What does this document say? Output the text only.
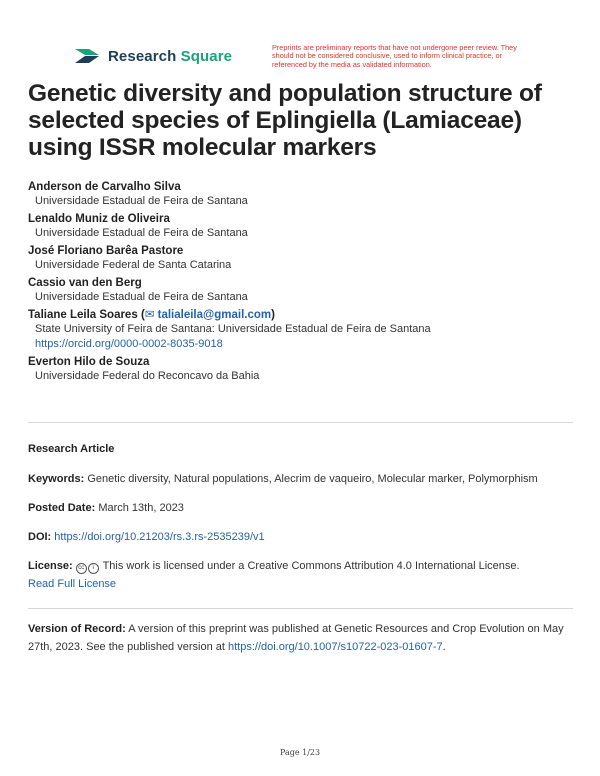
Research Square	Preprints are preliminary reports that have not undergone peer review. They should not be considered conclusive, used to inform clinical practice, or referenced by the media as validated information.
Genetic diversity and population structure of selected species of Eplingiella (Lamiaceae) using ISSR molecular markers
Anderson de Carvalho Silva
Universidade Estadual de Feira de Santana
Lenaldo Muniz de Oliveira
Universidade Estadual de Feira de Santana
José Floriano Barêa Pastore
Universidade Federal de Santa Catarina
Cassio van den Berg
Universidade Estadual de Feira de Santana
Taliane Leila Soares (✉ talialeila@gmail.com)
State University of Feira de Santana: Universidade Estadual de Feira de Santana
https://orcid.org/0000-0002-8035-9018
Everton Hilo de Souza
Universidade Federal do Reconcavo da Bahia
Research Article
Keywords: Genetic diversity, Natural populations, Alecrim de vaqueiro, Molecular marker, Polymorphism
Posted Date: March 13th, 2023
DOI: https://doi.org/10.21203/rs.3.rs-2535239/v1
License: cc i This work is licensed under a Creative Commons Attribution 4.0 International License.
Read Full License
Version of Record: A version of this preprint was published at Genetic Resources and Crop Evolution on May 27th, 2023. See the published version at https://doi.org/10.1007/s10722-023-01607-7.
Page 1/23
